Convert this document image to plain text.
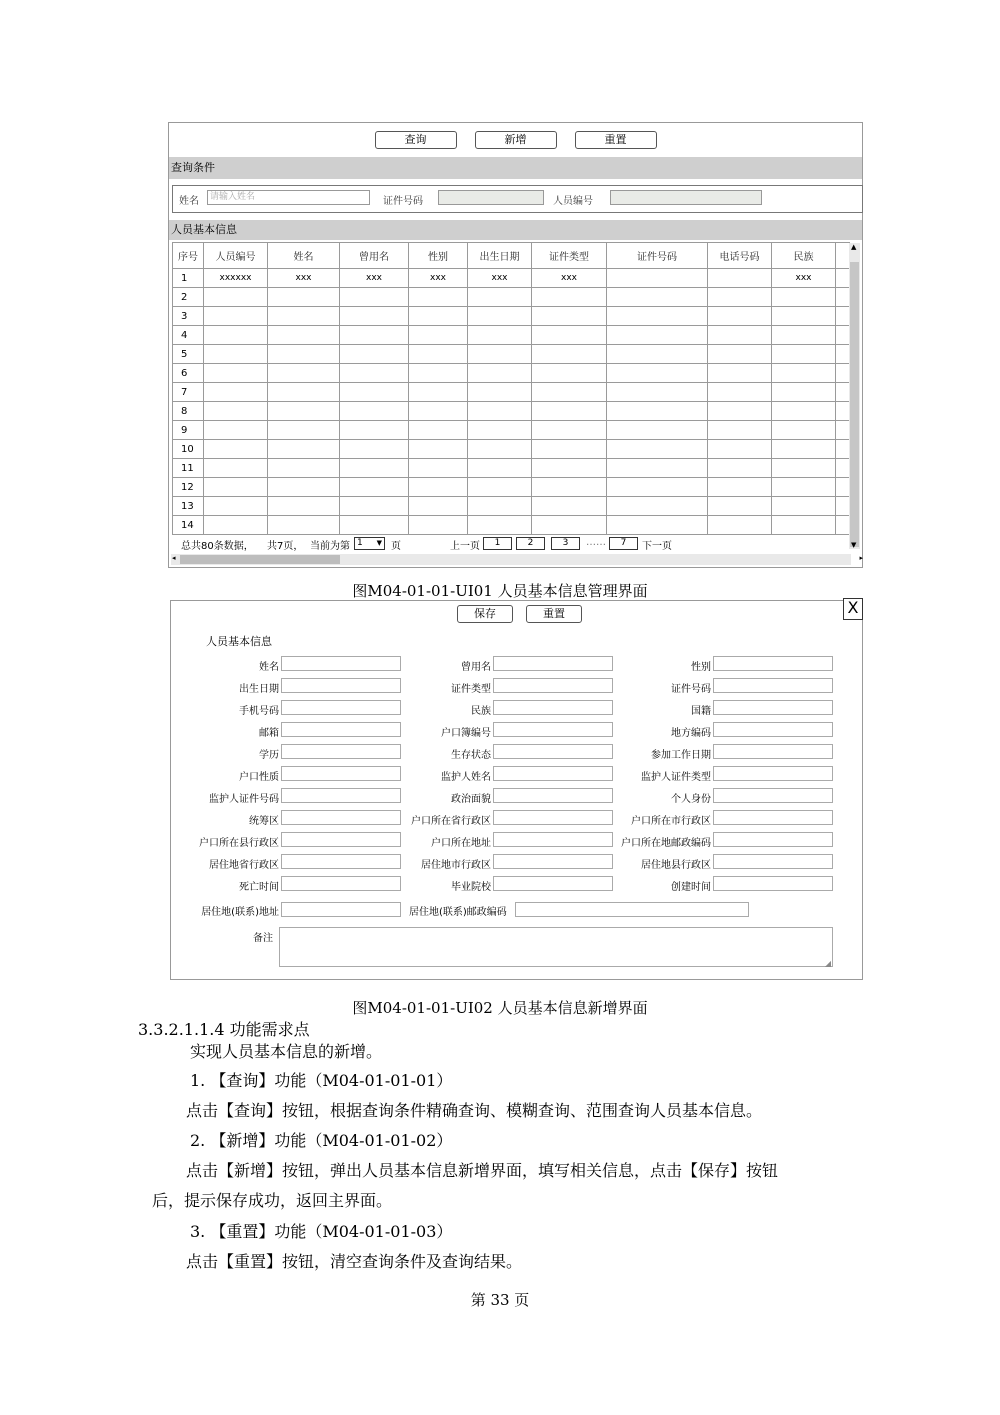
查询	新增	重置
查询条件
姓名	请输入姓名	证件号码	人员编号
人员基本信息
序号	人员编号	姓名	曾用名	性别	出生日期	证件类型	证件号码	电话号码	民族	
1	xxxxxx	xxx	xxx	xxx	xxx	xxx			xxx	
2										
3										
4										
5										
6										
7										
8										
9										
10										
11										
12										
13										
14										
▲
▼
总共80条数据， 共7页， 当前为第 1 ▼ 页	上一页	1	2	3	……	7	下一页
◂	▸
图M04-01-01-UI01 人员基本信息管理界面
X
保存	重置
人员基本信息
姓名	曾用名	性别
出生日期	证件类型	证件号码
手机号码	民族	国籍
邮箱	户口簿编号	地方编码
学历	生存状态	参加工作日期
户口性质	监护人姓名	监护人证件类型
监护人证件号码	政治面貌	个人身份
统筹区	户口所在省行政区	户口所在市行政区
户口所在县行政区	户口所在地址	户口所在地邮政编码
居住地省行政区	居住地市行政区	居住地县行政区
死亡时间	毕业院校	创建时间
居住地(联系)地址	居住地(联系)邮政编码
备注
◢
图M04-01-01-UI02 人员基本信息新增界面
3.3.2.1.1.4 功能需求点
实现人员基本信息的新增。
1. 【查询】功能（M04-01-01-01）
点击【查询】按钮，根据查询条件精确查询、模糊查询、范围查询人员基本信息。
2. 【新增】功能（M04-01-01-02）
点击【新增】按钮，弹出人员基本信息新增界面，填写相关信息，点击【保存】按钮
后，提示保存成功，返回主界面。
3. 【重置】功能（M04-01-01-03）
点击【重置】按钮，清空查询条件及查询结果。
第 33 页
